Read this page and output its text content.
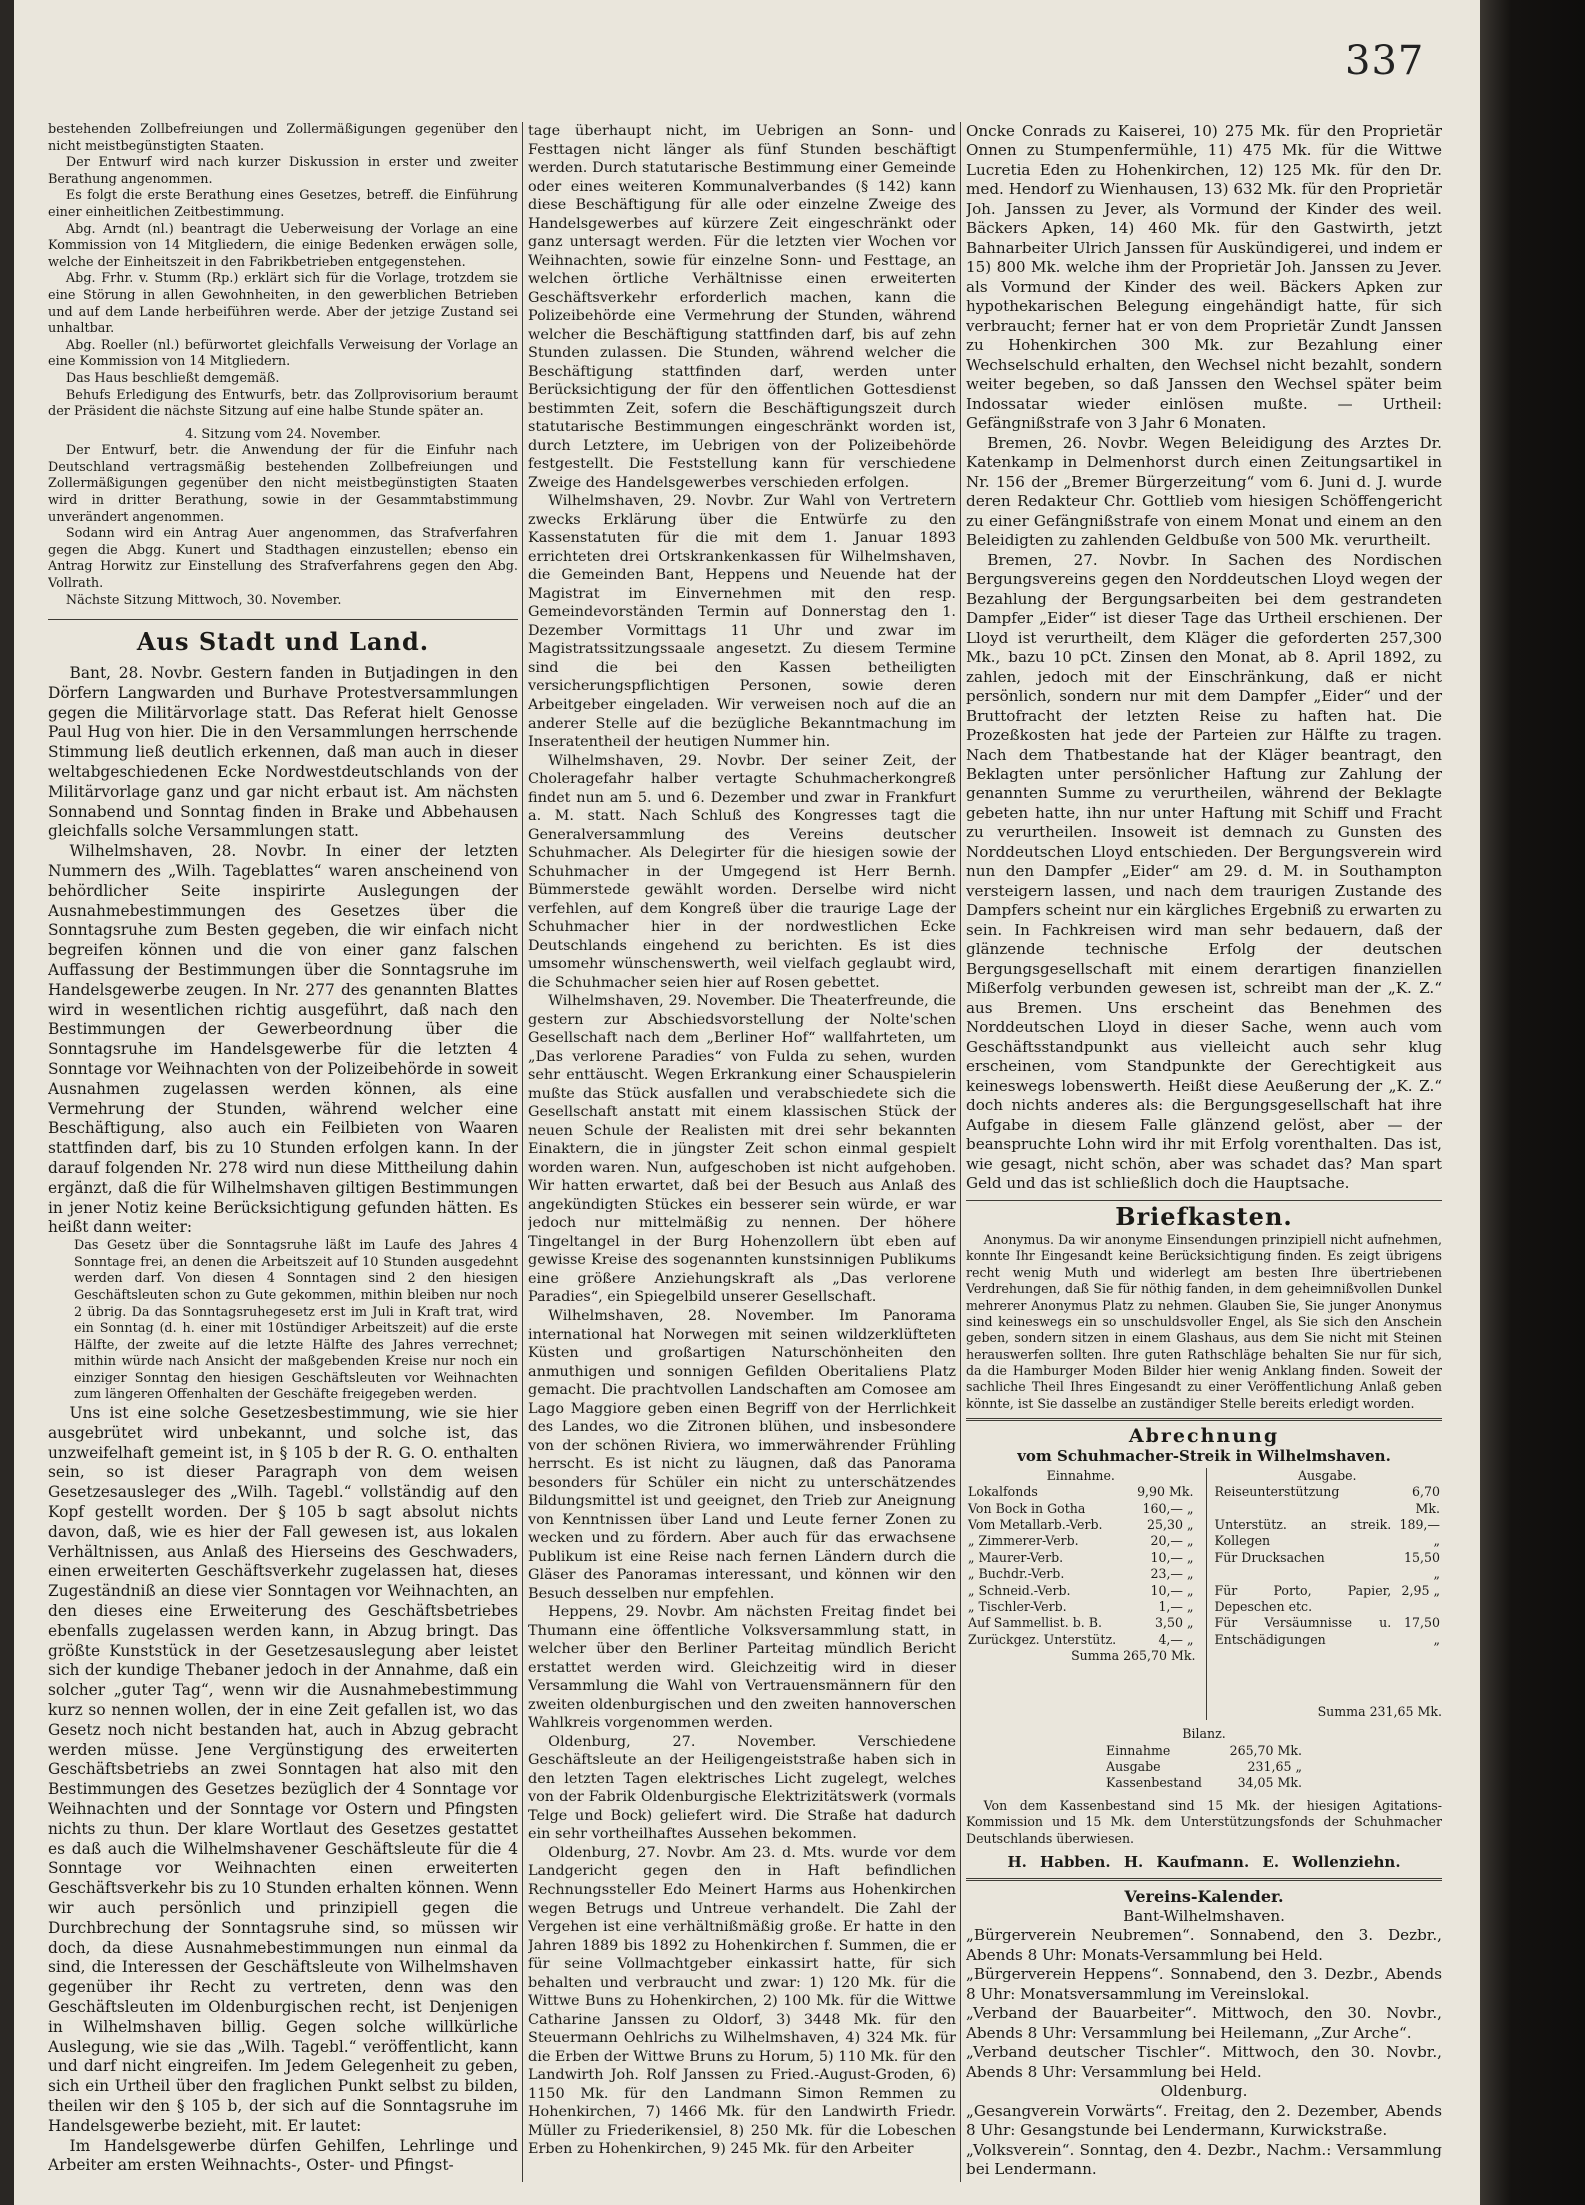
337

bestehenden Zollbefreiungen und Zollermäßigungen gegenüber den nicht meistbegünstigten Staaten.

Der Entwurf wird nach kurzer Diskussion in erster und zweiter Berathung angenommen.

Es folgt die erste Berathung eines Gesetzes, betreff. die Einführung einer einheitlichen Zeitbestimmung.

Abg. Arndt (nl.) beantragt die Ueberweisung der Vorlage an eine Kommission von 14 Mitgliedern, die einige Bedenken erwägen solle, welche der Einheitszeit in den Fabrikbetrieben entgegenstehen.

Abg. Frhr. v. Stumm (Rp.) erklärt sich für die Vorlage, trotzdem sie eine Störung in allen Gewohnheiten, in den gewerblichen Betrieben und auf dem Lande herbeiführen werde. Aber der jetzige Zustand sei unhaltbar.

Abg. Roeller (nl.) befürwortet gleichfalls Verweisung der Vorlage an eine Kommission von 14 Mitgliedern.

Das Haus beschließt demgemäß.

Behufs Erledigung des Entwurfs, betr. das Zollprovisorium beraumt der Präsident die nächste Sitzung auf eine halbe Stunde später an.

4. Sitzung vom 24. November.

Der Entwurf, betr. die Anwendung der für die Einfuhr nach Deutschland vertragsmäßig bestehenden Zollbefreiungen und Zollermäßigungen gegenüber den nicht meistbegünstigten Staaten wird in dritter Berathung, sowie in der Gesammtabstimmung unverändert angenommen.

Sodann wird ein Antrag Auer angenommen, das Strafverfahren gegen die Abgg. Kunert und Stadthagen einzustellen; ebenso ein Antrag Horwitz zur Einstellung des Strafverfahrens gegen den Abg. Vollrath.

Nächste Sitzung Mittwoch, 30. November.

Aus Stadt und Land.

Bant, 28. Novbr. Gestern fanden in Butjadingen in den Dörfern Langwarden und Burhave Protestversammlungen gegen die Militärvorlage statt. Das Referat hielt Genosse Paul Hug von hier. Die in den Versammlungen herrschende Stimmung ließ deutlich erkennen, daß man auch in dieser weltabgeschiedenen Ecke Nordwestdeutschlands von der Militärvorlage ganz und gar nicht erbaut ist. Am nächsten Sonnabend und Sonntag finden in Brake und Abbehausen gleichfalls solche Versammlungen statt.

Wilhelmshaven, 28. Novbr. In einer der letzten Nummern des „Wilh. Tageblattes“ waren anscheinend von behördlicher Seite inspirirte Auslegungen der Ausnahmebestimmungen des Gesetzes über die Sonntagsruhe zum Besten gegeben, die wir einfach nicht begreifen können und die von einer ganz falschen Auffassung der Bestimmungen über die Sonntagsruhe im Handelsgewerbe zeugen. In Nr. 277 des genannten Blattes wird in wesentlichen richtig ausgeführt, daß nach den Bestimmungen der Gewerbeordnung über die Sonntagsruhe im Handelsgewerbe für die letzten 4 Sonntage vor Weihnachten von der Polizeibehörde in soweit Ausnahmen zugelassen werden können, als eine Vermehrung der Stunden, während welcher eine Beschäftigung, also auch ein Feilbieten von Waaren stattfinden darf, bis zu 10 Stunden erfolgen kann. In der darauf folgenden Nr. 278 wird nun diese Mittheilung dahin ergänzt, daß die für Wilhelmshaven giltigen Bestimmungen in jener Notiz keine Berücksichtigung gefunden hätten. Es heißt dann weiter:

Das Gesetz über die Sonntagsruhe läßt im Laufe des Jahres 4 Sonntage frei, an denen die Arbeitszeit auf 10 Stunden ausgedehnt werden darf. Von diesen 4 Sonntagen sind 2 den hiesigen Geschäftsleuten schon zu Gute gekommen, mithin bleiben nur noch 2 übrig. Da das Sonntagsruhegesetz erst im Juli in Kraft trat, wird ein Sonntag (d. h. einer mit 10stündiger Arbeitszeit) auf die erste Hälfte, der zweite auf die letzte Hälfte des Jahres verrechnet; mithin würde nach Ansicht der maßgebenden Kreise nur noch ein einziger Sonntag den hiesigen Geschäftsleuten vor Weihnachten zum längeren Offenhalten der Geschäfte freigegeben werden.

Uns ist eine solche Gesetzesbestimmung, wie sie hier ausgebrütet wird unbekannt, und solche ist, das unzweifelhaft gemeint ist, in § 105 b der R. G. O. enthalten sein, so ist dieser Paragraph von dem weisen Gesetzesausleger des „Wilh. Tagebl.“ vollständig auf den Kopf gestellt worden. Der § 105 b sagt absolut nichts davon, daß, wie es hier der Fall gewesen ist, aus lokalen Verhältnissen, aus Anlaß des Hierseins des Geschwaders, einen erweiterten Geschäftsverkehr zugelassen hat, dieses Zugeständniß an diese vier Sonntagen vor Weihnachten, an den dieses eine Erweiterung des Geschäftsbetriebes ebenfalls zugelassen werden kann, in Abzug bringt. Das größte Kunststück in der Gesetzesauslegung aber leistet sich der kundige Thebaner jedoch in der Annahme, daß ein solcher „guter Tag“, wenn wir die Ausnahmebestimmung kurz so nennen wollen, der in eine Zeit gefallen ist, wo das Gesetz noch nicht bestanden hat, auch in Abzug gebracht werden müsse. Jene Vergünstigung des erweiterten Geschäftsbetriebs an zwei Sonntagen hat also mit den Bestimmungen des Gesetzes bezüglich der 4 Sonntage vor Weihnachten und der Sonntage vor Ostern und Pfingsten nichts zu thun. Der klare Wortlaut des Gesetzes gestattet es daß auch die Wilhelmshavener Geschäftsleute für die 4 Sonntage vor Weihnachten einen erweiterten Geschäftsverkehr bis zu 10 Stunden erhalten können. Wenn wir auch persönlich und prinzipiell gegen die Durchbrechung der Sonntagsruhe sind, so müssen wir doch, da diese Ausnahmebestimmungen nun einmal da sind, die Interessen der Geschäftsleute von Wilhelmshaven gegenüber ihr Recht zu vertreten, denn was den Geschäftsleuten im Oldenburgischen recht, ist Denjenigen in Wilhelmshaven billig. Gegen solche willkürliche Auslegung, wie sie das „Wilh. Tagebl.“ veröffentlicht, kann und darf nicht eingreifen. Im Jedem Gelegenheit zu geben, sich ein Urtheil über den fraglichen Punkt selbst zu bilden, theilen wir den § 105 b, der sich auf die Sonntagsruhe im Handelsgewerbe bezieht, mit. Er lautet:

Im Handelsgewerbe dürfen Gehilfen, Lehrlinge und Arbeiter am ersten Weihnachts-, Oster- und Pfingst-

tage überhaupt nicht, im Uebrigen an Sonn- und Festtagen nicht länger als fünf Stunden beschäftigt werden. Durch statutarische Bestimmung einer Gemeinde oder eines weiteren Kommunalverbandes (§ 142) kann diese Beschäftigung für alle oder einzelne Zweige des Handelsgewerbes auf kürzere Zeit eingeschränkt oder ganz untersagt werden. Für die letzten vier Wochen vor Weihnachten, sowie für einzelne Sonn- und Festtage, an welchen örtliche Verhältnisse einen erweiterten Geschäftsverkehr erforderlich machen, kann die Polizeibehörde eine Vermehrung der Stunden, während welcher die Beschäftigung stattfinden darf, bis auf zehn Stunden zulassen. Die Stunden, während welcher die Beschäftigung stattfinden darf, werden unter Berücksichtigung der für den öffentlichen Gottesdienst bestimmten Zeit, sofern die Beschäftigungszeit durch statutarische Bestimmungen eingeschränkt worden ist, durch Letztere, im Uebrigen von der Polizeibehörde festgestellt. Die Feststellung kann für verschiedene Zweige des Handelsgewerbes verschieden erfolgen.

Wilhelmshaven, 29. Novbr. Zur Wahl von Vertretern zwecks Erklärung über die Entwürfe zu den Kassenstatuten für die mit dem 1. Januar 1893 errichteten drei Ortskrankenkassen für Wilhelmshaven, die Gemeinden Bant, Heppens und Neuende hat der Magistrat im Einvernehmen mit den resp. Gemeindevorständen Termin auf Donnerstag den 1. Dezember Vormittags 11 Uhr und zwar im Magistratssitzungssaale angesetzt. Zu diesem Termine sind die bei den Kassen betheiligten versicherungspflichtigen Personen, sowie deren Arbeitgeber eingeladen. Wir verweisen noch auf die an anderer Stelle auf die bezügliche Bekanntmachung im Inseratentheil der heutigen Nummer hin.

Wilhelmshaven, 29. Novbr. Der seiner Zeit, der Choleragefahr halber vertagte Schuhmacherkongreß findet nun am 5. und 6. Dezember und zwar in Frankfurt a. M. statt. Nach Schluß des Kongresses tagt die Generalversammlung des Vereins deutscher Schuhmacher. Als Delegirter für die hiesigen sowie der Schuhmacher in der Umgegend ist Herr Bernh. Bümmerstede gewählt worden. Derselbe wird nicht verfehlen, auf dem Kongreß über die traurige Lage der Schuhmacher hier in der nordwestlichen Ecke Deutschlands eingehend zu berichten. Es ist dies umsomehr wünschenswerth, weil vielfach geglaubt wird, die Schuhmacher seien hier auf Rosen gebettet.

Wilhelmshaven, 29. November. Die Theaterfreunde, die gestern zur Abschiedsvorstellung der Nolte'schen Gesellschaft nach dem „Berliner Hof“ wallfahrteten, um „Das verlorene Paradies“ von Fulda zu sehen, wurden sehr enttäuscht. Wegen Erkrankung einer Schauspielerin mußte das Stück ausfallen und verabschiedete sich die Gesellschaft anstatt mit einem klassischen Stück der neuen Schule der Realisten mit drei sehr bekannten Einaktern, die in jüngster Zeit schon einmal gespielt worden waren. Nun, aufgeschoben ist nicht aufgehoben. Wir hatten erwartet, daß bei der Besuch aus Anlaß des angekündigten Stückes ein besserer sein würde, er war jedoch nur mittelmäßig zu nennen. Der höhere Tingeltangel in der Burg Hohenzollern übt eben auf gewisse Kreise des sogenannten kunstsinnigen Publikums eine größere Anziehungskraft als „Das verlorene Paradies“, ein Spiegelbild unserer Gesellschaft.

Wilhelmshaven, 28. November. Im Panorama international hat Norwegen mit seinen wildzerklüfteten Küsten und großartigen Naturschönheiten den anmuthigen und sonnigen Gefilden Oberitaliens Platz gemacht. Die prachtvollen Landschaften am Comosee am Lago Maggiore geben einen Begriff von der Herrlichkeit des Landes, wo die Zitronen blühen, und insbesondere von der schönen Riviera, wo immerwährender Frühling herrscht. Es ist nicht zu läugnen, daß das Panorama besonders für Schüler ein nicht zu unterschätzendes Bildungsmittel ist und geeignet, den Trieb zur Aneignung von Kenntnissen über Land und Leute ferner Zonen zu wecken und zu fördern. Aber auch für das erwachsene Publikum ist eine Reise nach fernen Ländern durch die Gläser des Panoramas interessant, und können wir den Besuch desselben nur empfehlen.

Heppens, 29. Novbr. Am nächsten Freitag findet bei Thumann eine öffentliche Volksversammlung statt, in welcher über den Berliner Parteitag mündlich Bericht erstattet werden wird. Gleichzeitig wird in dieser Versammlung die Wahl von Vertrauensmännern für den zweiten oldenburgischen und den zweiten hannoverschen Wahlkreis vorgenommen werden.

Oldenburg, 27. November. Verschiedene Geschäftsleute an der Heiligengeiststraße haben sich in den letzten Tagen elektrisches Licht zugelegt, welches von der Fabrik Oldenburgische Elektrizitätswerk (vormals Telge und Bock) geliefert wird. Die Straße hat dadurch ein sehr vortheilhaftes Aussehen bekommen.

Oldenburg, 27. Novbr. Am 23. d. Mts. wurde vor dem Landgericht gegen den in Haft befindlichen Rechnungssteller Edo Meinert Harms aus Hohenkirchen wegen Betrugs und Untreue verhandelt. Die Zahl der Vergehen ist eine verhältnißmäßig große. Er hatte in den Jahren 1889 bis 1892 zu Hohenkirchen f. Summen, die er für seine Vollmachtgeber einkassirt hatte, für sich behalten und verbraucht und zwar: 1) 120 Mk. für die Wittwe Buns zu Hohenkirchen, 2) 100 Mk. für die Wittwe Catharine Janssen zu Oldorf, 3) 3448 Mk. für den Steuermann Oehlrichs zu Wilhelmshaven, 4) 324 Mk. für die Erben der Wittwe Bruns zu Horum, 5) 110 Mk. für den Landwirth Joh. Rolf Janssen zu Fried.-August-Groden, 6) 1150 Mk. für den Landmann Simon Remmen zu Hohenkirchen, 7) 1466 Mk. für den Landwirth Friedr. Müller zu Friederikensiel, 8) 250 Mk. für die Lobeschen Erben zu Hohenkirchen, 9) 245 Mk. für den Arbeiter

Oncke Conrads zu Kaiserei, 10) 275 Mk. für den Proprietär Onnen zu Stumpenfermühle, 11) 475 Mk. für die Wittwe Lucretia Eden zu Hohenkirchen, 12) 125 Mk. für den Dr. med. Hendorf zu Wienhausen, 13) 632 Mk. für den Proprietär Joh. Janssen zu Jever, als Vormund der Kinder des weil. Bäckers Apken, 14) 460 Mk. für den Gastwirth, jetzt Bahnarbeiter Ulrich Janssen für Auskündigerei, und indem er 15) 800 Mk. welche ihm der Proprietär Joh. Janssen zu Jever. als Vormund der Kinder des weil. Bäckers Apken zur hypothekarischen Belegung eingehändigt hatte, für sich verbraucht; ferner hat er von dem Proprietär Zundt Janssen zu Hohenkirchen 300 Mk. zur Bezahlung einer Wechselschuld erhalten, den Wechsel nicht bezahlt, sondern weiter begeben, so daß Janssen den Wechsel später beim Indossatar wieder einlösen mußte. — Urtheil: Gefängnißstrafe von 3 Jahr 6 Monaten.

Bremen, 26. Novbr. Wegen Beleidigung des Arztes Dr. Katenkamp in Delmenhorst durch einen Zeitungsartikel in Nr. 156 der „Bremer Bürgerzeitung“ vom 6. Juni d. J. wurde deren Redakteur Chr. Gottlieb vom hiesigen Schöffengericht zu einer Gefängnißstrafe von einem Monat und einem an den Beleidigten zu zahlenden Geldbuße von 500 Mk. verurtheilt.

Bremen, 27. Novbr. In Sachen des Nordischen Bergungsvereins gegen den Norddeutschen Lloyd wegen der Bezahlung der Bergungsarbeiten bei dem gestrandeten Dampfer „Eider“ ist dieser Tage das Urtheil erschienen. Der Lloyd ist verurtheilt, dem Kläger die geforderten 257,300 Mk., bazu 10 pCt. Zinsen den Monat, ab 8. April 1892, zu zahlen, jedoch mit der Einschränkung, daß er nicht persönlich, sondern nur mit dem Dampfer „Eider“ und der Bruttofracht der letzten Reise zu haften hat. Die Prozeßkosten hat jede der Parteien zur Hälfte zu tragen. Nach dem Thatbestande hat der Kläger beantragt, den Beklagten unter persönlicher Haftung zur Zahlung der genannten Summe zu verurtheilen, während der Beklagte gebeten hatte, ihn nur unter Haftung mit Schiff und Fracht zu verurtheilen. Insoweit ist demnach zu Gunsten des Norddeutschen Lloyd entschieden. Der Bergungsverein wird nun den Dampfer „Eider“ am 29. d. M. in Southampton versteigern lassen, und nach dem traurigen Zustande des Dampfers scheint nur ein kärgliches Ergebniß zu erwarten zu sein. In Fachkreisen wird man sehr bedauern, daß der glänzende technische Erfolg der deutschen Bergungsgesellschaft mit einem derartigen finanziellen Mißerfolg verbunden gewesen ist, schreibt man der „K. Z.“ aus Bremen. Uns erscheint das Benehmen des Norddeutschen Lloyd in dieser Sache, wenn auch vom Geschäftsstandpunkt aus vielleicht auch sehr klug erscheinen, vom Standpunkte der Gerechtigkeit aus keineswegs lobenswerth. Heißt diese Aeußerung der „K. Z.“ doch nichts anderes als: die Bergungsgesellschaft hat ihre Aufgabe in diesem Falle glänzend gelöst, aber — der beanspruchte Lohn wird ihr mit Erfolg vorenthalten. Das ist, wie gesagt, nicht schön, aber was schadet das? Man spart Geld und das ist schließlich doch die Hauptsache.

Briefkasten.

Anonymus. Da wir anonyme Einsendungen prinzipiell nicht aufnehmen, konnte Ihr Eingesandt keine Berücksichtigung finden. Es zeigt übrigens recht wenig Muth und widerlegt am besten Ihre übertriebenen Verdrehungen, daß Sie für nöthig fanden, in dem geheimnißvollen Dunkel mehrerer Anonymus Platz zu nehmen. Glauben Sie, Sie junger Anonymus sind keineswegs ein so unschuldsvoller Engel, als Sie sich den Anschein geben, sondern sitzen in einem Glashaus, aus dem Sie nicht mit Steinen herauswerfen sollten. Ihre guten Rathschläge behalten Sie nur für sich, da die Hamburger Moden Bilder hier wenig Anklang finden. Soweit der sachliche Theil Ihres Eingesandt zu einer Veröffentlichung Anlaß geben könnte, ist Sie dasselbe an zuständiger Stelle bereits erledigt worden.

Abrechnung
vom Schuhmacher-Streik in Wilhelmshaven.
Einnahme.
Lokalfonds	9,90 Mk.
Von Bock in Gotha	160,— „
Vom Metallarb.-Verb.	25,30 „
„ Zimmerer-Verb.	20,— „
„ Maurer-Verb.	10,— „
„ Buchdr.-Verb.	23,— „
„ Schneid.-Verb.	10,— „
„ Tischler-Verb.	1,— „
Auf Sammellist. b. B.	3,50 „
Zurückgez. Unterstütz.	4,— „
Summa 265,70 Mk.
Ausgabe.
Reiseunterstützung	6,70 Mk.
Unterstütz. an streik. Kollegen	189,— „
Für Drucksachen	15,50 „
Für Porto, Papier, Depeschen etc.	2,95 „
Für Versäumnisse u. Entschädigungen	17,50 „
Summa 231,65 Mk.
Bilanz.
Einnahme	265,70 Mk.
Ausgabe	231,65 „
Kassenbestand	34,05 Mk.

Von dem Kassenbestand sind 15 Mk. der hiesigen Agitations-Kommission und 15 Mk. dem Unterstützungsfonds der Schuhmacher Deutschlands überwiesen.

H. Habben. H. Kaufmann. E. Wollenziehn.

Vereins-Kalender.
Bant-Wilhelmshaven.

„Bürgerverein Neubremen“. Sonnabend, den 3. Dezbr., Abends 8 Uhr: Monats-Versammlung bei Held.

„Bürgerverein Heppens“. Sonnabend, den 3. Dezbr., Abends 8 Uhr: Monatsversammlung im Vereinslokal.

„Verband der Bauarbeiter“. Mittwoch, den 30. Novbr., Abends 8 Uhr: Versammlung bei Heilemann, „Zur Arche“.

„Verband deutscher Tischler“. Mittwoch, den 30. Novbr., Abends 8 Uhr: Versammlung bei Held.

Oldenburg.

„Gesangverein Vorwärts“. Freitag, den 2. Dezember, Abends 8 Uhr: Gesangstunde bei Lendermann, Kurwickstraße.

„Volksverein“. Sonntag, den 4. Dezbr., Nachm.: Versammlung bei Lendermann.
